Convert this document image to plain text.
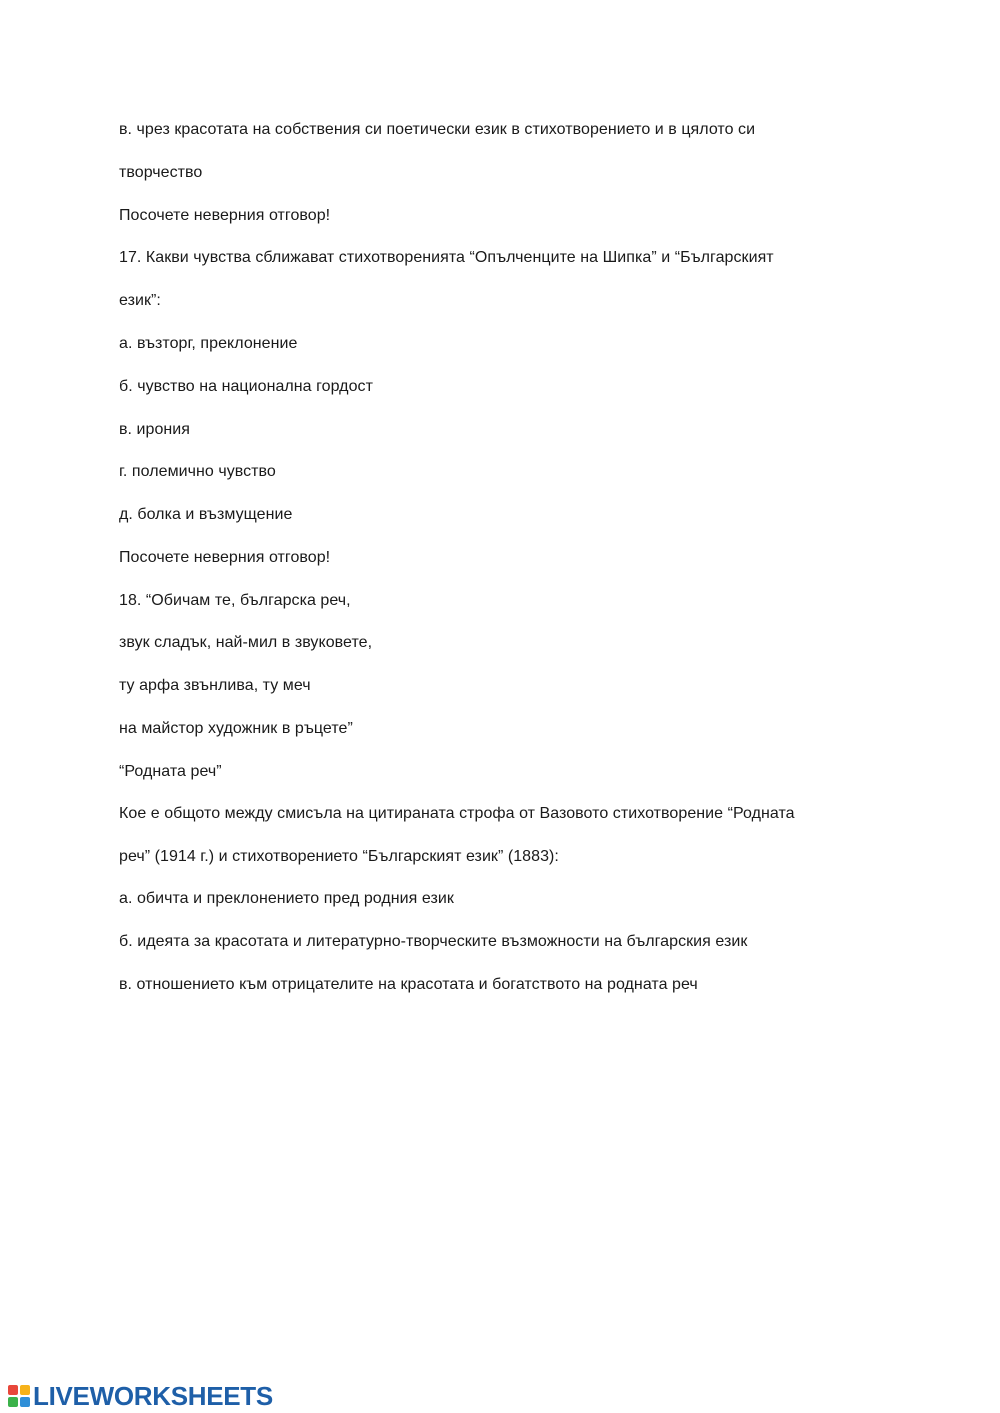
в. чрез красотата на собствения си поетически език в стихотворението и в цялото си
творчество
Посочете неверния отговор!
17. Какви чувства сближават стихотворенията “Опълченците на Шипка” и “Българският
език”:
а. възторг, преклонение
б. чувство на национална гордост
в. ирония
г. полемично чувство
д. болка и възмущение
Посочете неверния отговор!
18. “Обичам те, българска реч,
звук сладък, най-мил в звуковете,
ту арфа звънлива, ту меч
на майстор художник в ръцете”
“Родната реч”
Кое е общото между смисъла на цитираната строфа от Вазовото стихотворение “Родната
реч” (1914 г.) и стихотворението “Българският език” (1883):
а. обичта и преклонението пред родния език
б. идеята за красотата и литературно-творческите възможности на българския език
в. отношението към отрицателите на красотата и богатството на родната реч
LIVEWORKSHEETS
